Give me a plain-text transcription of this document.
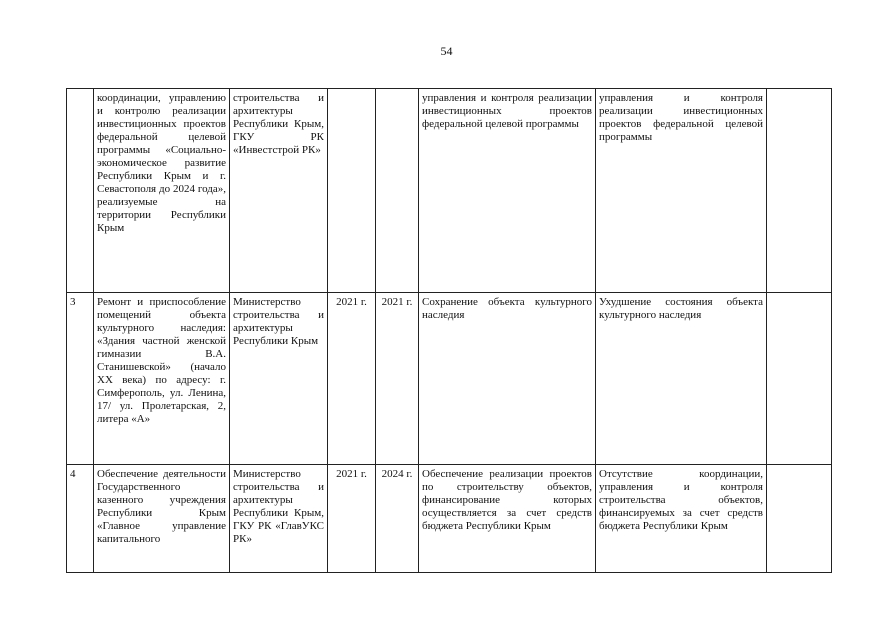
54

	координации, управлению и контролю реализации инвестиционных проектов федеральной целевой программы «Социально-экономическое развитие Республики Крым и г. Севастополя до 2024 года», реализуемые на территории Республики Крым	строительства и архитектуры Республики Крым, ГКУ РК «Инвестстрой РК»			управления и контроля реализации инвестиционных проектов федеральной целевой программы	управления и контроля реализации инвестиционных проектов федеральной целевой программы	

3	Ремонт и приспособление помещений объекта культурного наследия: «Здания частной женской гимназии В.А. Станишевской» (начало XX века) по адресу: г. Симферополь, ул. Ленина, 17/ ул. Пролетарская, 2, литера «А»	Министерство строительства и архитектуры Республики Крым	2021 г.	2021 г.	Сохранение объекта культурного наследия	Ухудшение состояния объекта культурного наследия	

4	Обеспечение деятельности Государственного казенного учреждения Республики Крым «Главное управление капитального	Министерство строительства и архитектуры Республики Крым, ГКУ РК «ГлавУКС РК»	2021 г.	2024 г.	Обеспечение реализации проектов по строительству объектов, финансирование которых осуществляется за счет средств бюджета Республики Крым	Отсутствие координации, управления и контроля строительства объектов, финансируемых за счет средств бюджета Республики Крым	
